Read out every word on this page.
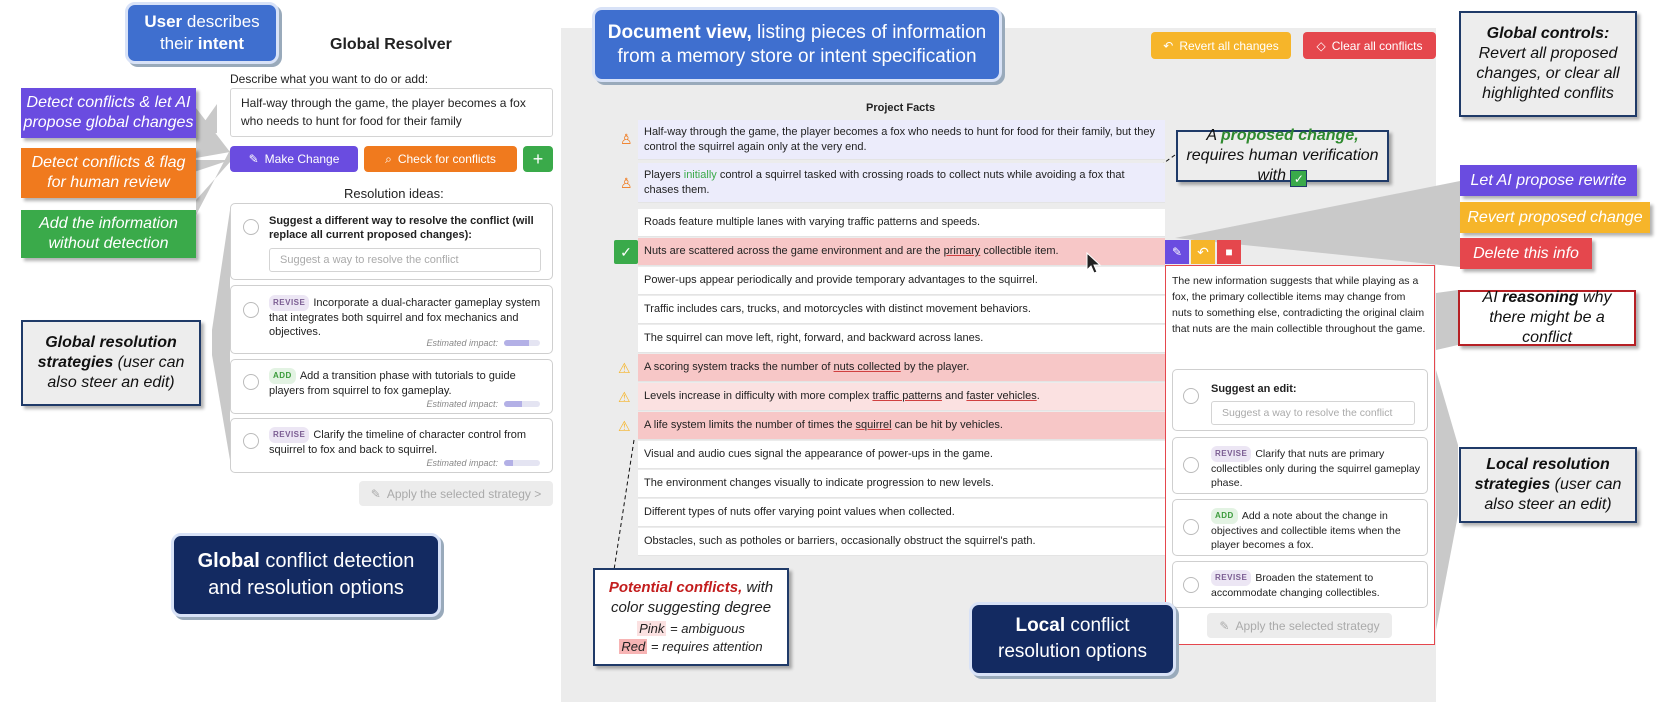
Detect conflicts & let AI propose global changes
Detect conflicts & flag for human review
Add the information without detection
Global resolution strategies (user can also steer an edit)
User describes their intent	Global Resolver
Describe what you want to do or add:
Half-way through the game, the player becomes a fox who needs to hunt for food for their family
✎ Make Change	⌕ Check for conflicts +
Resolution ideas:
Suggest a different way to resolve the conflict (will replace all current proposed changes):
Suggest a way to resolve the conflict
REVISE Incorporate a dual-character gameplay system that integrates both squirrel and fox mechanics and objectives.
Estimated impact:
ADD Add a transition phase with tutorials to guide players from squirrel to fox gameplay.
Estimated impact:
REVISE Clarify the timeline of character control from squirrel to fox and back to squirrel.
Estimated impact:
✎ Apply the selected strategy >
Global conflict detection
and resolution options
Document view, listing pieces of information
from a memory store or intent specification	↶ Revert all changes	◇ Clear all conflicts
Project Facts
Half-way through the game, the player becomes a fox who needs to hunt for food for their family, but they control the squirrel again only at the very end.
Players initially control a squirrel tasked with crossing roads to collect nuts while avoiding a fox that chases them.
Roads feature multiple lanes with varying traffic patterns and speeds.
Nuts are scattered across the game environment and are the primary collectible item.
Power-ups appear periodically and provide temporary advantages to the squirrel.
Traffic includes cars, trucks, and motorcycles with distinct movement behaviors.
The squirrel can move left, right, forward, and backward across lanes.
A scoring system tracks the number of nuts collected by the player.
Levels increase in difficulty with more complex traffic patterns and faster vehicles.
A life system limits the number of times the squirrel can be hit by vehicles.
Visual and audio cues signal the appearance of power-ups in the game.
The environment changes visually to indicate progression to new levels.
Different types of nuts offer varying point values when collected.
Obstacles, such as potholes or barriers, occasionally obstruct the squirrel's path.
♙
♙
✓
⚠
⚠
⚠
✎ ↶ ■
The new information suggests that while playing as a fox, the primary collectible items may change from nuts to something else, contradicting the original claim that nuts are the main collectible throughout the game.
Suggest an edit:
Suggest a way to resolve the conflict
REVISE Clarify that nuts are primary collectibles only during the squirrel gameplay phase.
ADD Add a note about the change in objectives and collectible items when the player becomes a fox.
REVISE Broaden the statement to accommodate changing collectibles.
✎ Apply the selected strategy
A proposed change, requires human verification with ✓
Local conflict
resolution options
Potential conflicts, with color suggesting degree
Pink = ambiguous
Red = requires attention
Global controls:
Revert all proposed changes, or clear all highlighted conflits
Let AI propose rewrite
Revert proposed change
Delete this info
AI reasoning why there might be a conflict
Local resolution strategies (user can also steer an edit)
